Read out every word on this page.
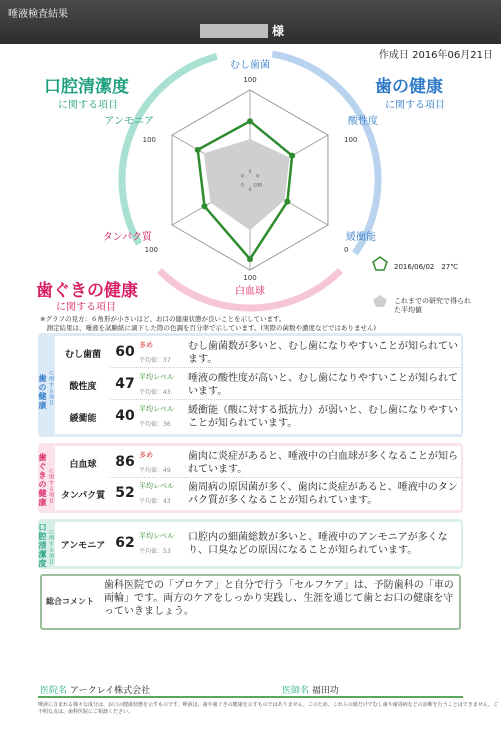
唾液検査結果
様
作成日 2016年06月21日
口腔清潔度
に関する項目
歯の健康
に関する項目
歯ぐきの健康
に関する項目
むし歯菌
100
0
酸性度
100
0
緩衝能
0
100
白血球
100
0
タンパク質
100
0
アンモニア
100
0
2016/06/02　27℃
これまでの研究で得られた平均値
※グラフの見方：６角形が小さいほど、お口の健康状態が良いことを示しています。
　測定結果は、唾液を試験紙に滴下した際の色調を百分率で示しています。(実際の菌数や濃度などではありません)
歯の健康 に関する項目
歯ぐきの健康 に関する項目
口腔清潔度 に関する項目
むし歯菌	60 多め
平均値：37
むし歯菌数が多いと、むし歯になりやすいことが知られています。
酸性度	47 平均レベル
平均値：43
唾液の酸性度が高いと、むし歯になりやすいことが知られています。
緩衝能	40 平均レベル
平均値：36
緩衝能（酸に対する抵抗力）が弱いと、むし歯になりやすいことが知られています。
白血球	86 多め
平均値：49
歯肉に炎症があると、唾液中の白血球が多くなることが知られています。
タンパク質 52 平均レベル
平均値：43
歯周病の原因菌が多く、歯肉に炎症があると、唾液中のタンパク質が多くなることが知られています。
アンモニア 62 平均レベル
平均値：53
口腔内の細菌総数が多いと、唾液中のアンモニアが多くなり、口臭などの原因になることが知られています。
総合コメント
歯科医院での「プロケア」と自分で行う「セルフケア」は、予防歯科の「車の両輪」です。両方のケアをしっかり実践し、生涯を通じて歯とお口の健康を守っていきましょう。
医院名 アークレイ株式会社	医師名 福田功
唾液に含まれる様々な成分は、お口の健康状態を示すものです。唾液は、歯や歯ぐきの健康を示すものではありません。このため、これらの値だけでむし歯や歯周病などの診断を行うことはできません。ご不明な点は、歯科医院にご相談ください。
